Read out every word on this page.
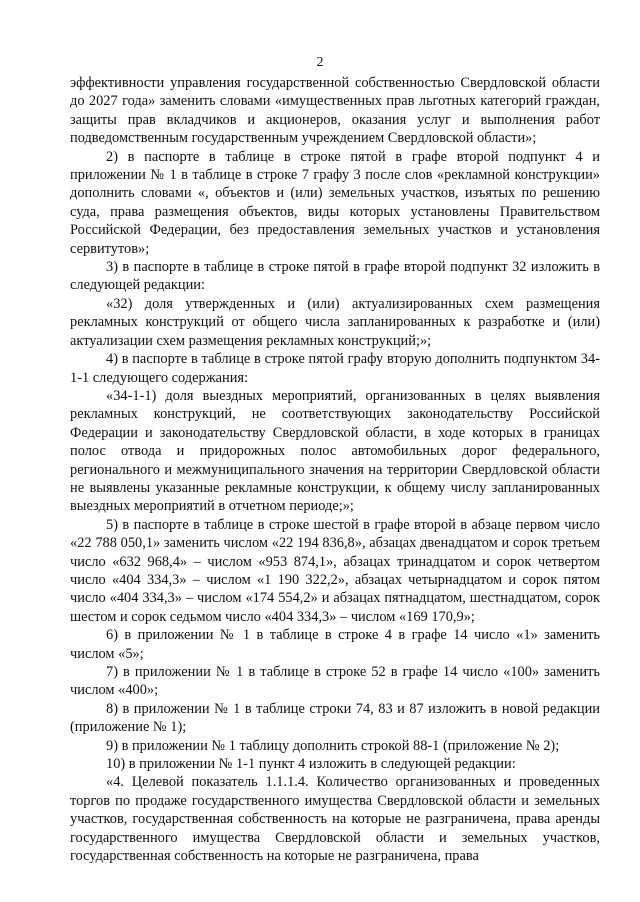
2

эффективности управления государственной собственностью Свердловской области до 2027 года» заменить словами «имущественных прав льготных категорий граждан, защиты прав вкладчиков и акционеров, оказания услуг и выполнения работ подведомственным государственным учреждением Свердловской области»;

2) в паспорте в таблице в строке пятой в графе второй подпункт 4 и приложении № 1 в таблице в строке 7 графу 3 после слов «рекламной конструкции» дополнить словами «, объектов и (или) земельных участков, изъятых по решению суда, права размещения объектов, виды которых установлены Правительством Российской Федерации, без предоставления земельных участков и установления сервитутов»;

3) в паспорте в таблице в строке пятой в графе второй подпункт 32 изложить в следующей редакции:

«32) доля утвержденных и (или) актуализированных схем размещения рекламных конструкций от общего числа запланированных к разработке и (или) актуализации схем размещения рекламных конструкций;»;

4) в паспорте в таблице в строке пятой графу вторую дополнить подпунктом 34-1-1 следующего содержания:

«34-1-1) доля выездных мероприятий, организованных в целях выявления рекламных конструкций, не соответствующих законодательству Российской Федерации и законодательству Свердловской области, в ходе которых в границах полос отвода и придорожных полос автомобильных дорог федерального, регионального и межмуниципального значения на территории Свердловской области не выявлены указанные рекламные конструкции, к общему числу запланированных выездных мероприятий в отчетном периоде;»;

5) в паспорте в таблице в строке шестой в графе второй в абзаце первом число «22 788 050,1» заменить числом «22 194 836,8», абзацах двенадцатом и сорок третьем число «632 968,4» – числом «953 874,1», абзацах тринадцатом и сорок четвертом число «404 334,3» – числом «1 190 322,2», абзацах четырнадцатом и сорок пятом число «404 334,3» – числом «174 554,2» и абзацах пятнадцатом, шестнадцатом, сорок шестом и сорок седьмом число «404 334,3» – числом «169 170,9»;

6) в приложении № 1 в таблице в строке 4 в графе 14 число «1» заменить числом «5»;

7) в приложении № 1 в таблице в строке 52 в графе 14 число «100» заменить числом «400»;

8) в приложении № 1 в таблице строки 74, 83 и 87 изложить в новой редакции (приложение № 1);

9) в приложении № 1 таблицу дополнить строкой 88-1 (приложение № 2);

10) в приложении № 1-1 пункт 4 изложить в следующей редакции:

«4. Целевой показатель 1.1.1.4. Количество организованных и проведенных торгов по продаже государственного имущества Свердловской области и земельных участков, государственная собственность на которые не разграничена, права аренды государственного имущества Свердловской области и земельных участков, государственная собственность на которые не разграничена, права
